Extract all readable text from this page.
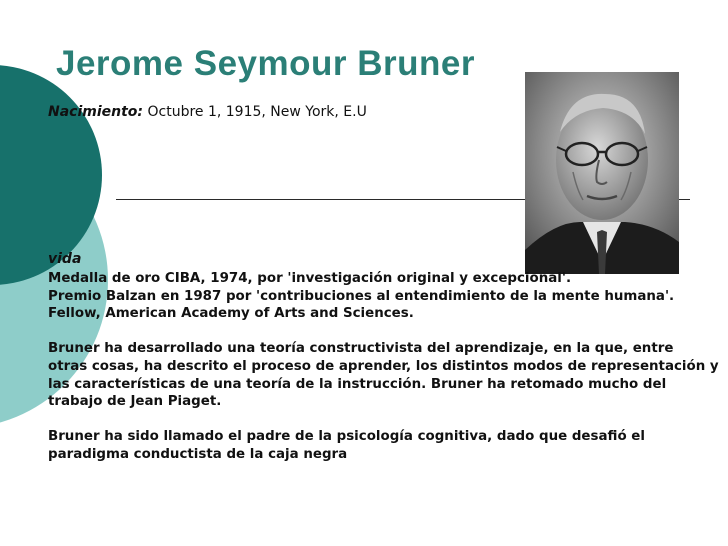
Jerome Seymour Bruner
Nacimiento: Octubre 1, 1915, New York, E.U
vida
Medalla de oro CIBA, 1974, por 'investigación original y excepcional'.
Premio Balzan en 1987 por 'contribuciones al entendimiento de la mente humana'.
Fellow, American Academy of Arts and Sciences.
Bruner ha desarrollado una teoría constructivista del aprendizaje, en la que, entre
otras cosas, ha descrito el proceso de aprender, los distintos modos de representación y
las características de una teoría de la instrucción. Bruner ha retomado mucho del
trabajo de Jean Piaget.
Bruner ha sido llamado el padre de la psicología cognitiva, dado que desafió el
paradigma conductista de la caja negra
